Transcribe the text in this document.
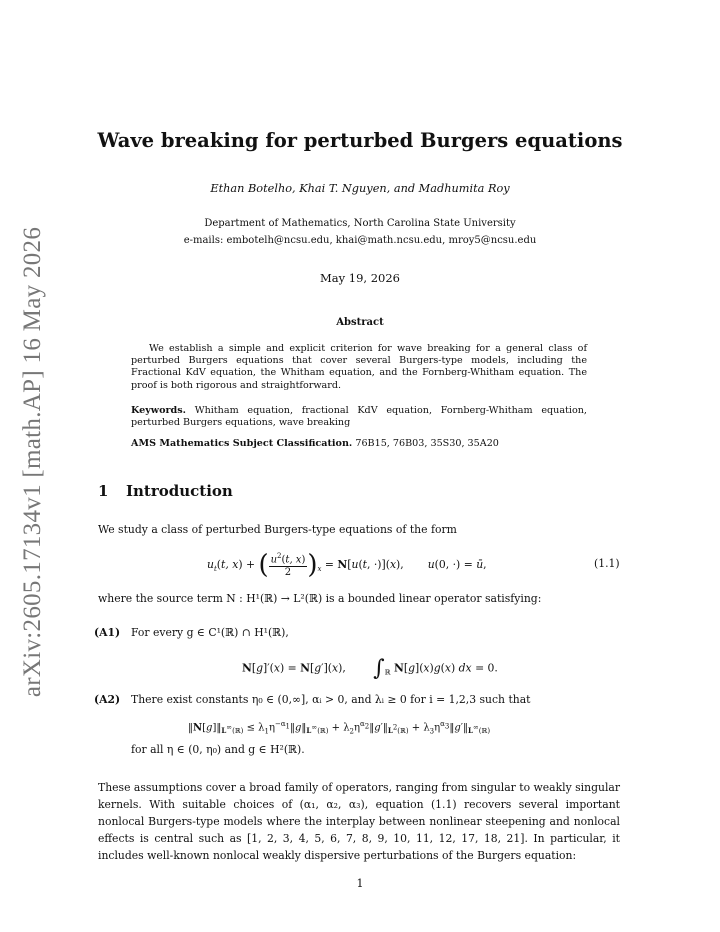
arXiv:2605.17134v1 [math.AP] 16 May 2026
Wave breaking for perturbed Burgers equations
Ethan Botelho, Khai T. Nguyen, and Madhumita Roy
Department of Mathematics, North Carolina State University
e-mails: embotelh@ncsu.edu, khai@math.ncsu.edu, mroy5@ncsu.edu
May 19, 2026
Abstract
We establish a simple and explicit criterion for wave breaking for a general class of perturbed Burgers equations that cover several Burgers-type models, including the Fractional KdV equation, the Whitham equation, and the Fornberg-Whitham equation. The proof is both rigorous and straightforward.
Keywords. Whitham equation, fractional KdV equation, Fornberg-Whitham equation, perturbed Burgers equations, wave breaking
AMS Mathematics Subject Classification. 76B15, 76B03, 35S30, 35A20
1 Introduction
We study a class of perturbed Burgers-type equations of the form
$u_t(t$, x) + ( $\frac{u^2(t, x)}{2} )_x = N[u(t$, ·)](x),       u(0, ·) = ū,	(1.1)
where the source term N : H¹(ℝ) → L²(ℝ) is a bounded linear operator satisfying:
(A1) For every g ∈ C¹(ℝ) ∩ H¹(ℝ),
N[g]′(x) = N[g′](x),        $\int_ℝ$ N[g](x)g(x) dx = 0.
(A2) There exist constants η₀ ∈ (0,∞], αᵢ > 0, and λᵢ ≥ 0 for i = 1,2,3 such that
$‖N[g]‖_{L^\infty(ℝ)}$ ≤ $\lambda_1\eta^{-\alpha_1}‖g‖_{L^\infty(ℝ)}$ + $\lambda_2\eta^{\alpha_2}‖g'‖_{L^2(ℝ)}$ + $\lambda_3\eta^{\alpha_3}‖g'‖_{L^\infty(ℝ)}$
for all η ∈ (0, η₀) and g ∈ H²(ℝ).
These assumptions cover a broad family of operators, ranging from singular to weakly singular kernels. With suitable choices of (α₁, α₂, α₃), equation (1.1) recovers several important nonlocal Burgers-type models where the interplay between nonlinear steepening and nonlocal effects is central such as [1, 2, 3, 4, 5, 6, 7, 8, 9, 10, 11, 12, 17, 18, 21]. In particular, it includes well-known nonlocal weakly dispersive perturbations of the Burgers equation:
1
